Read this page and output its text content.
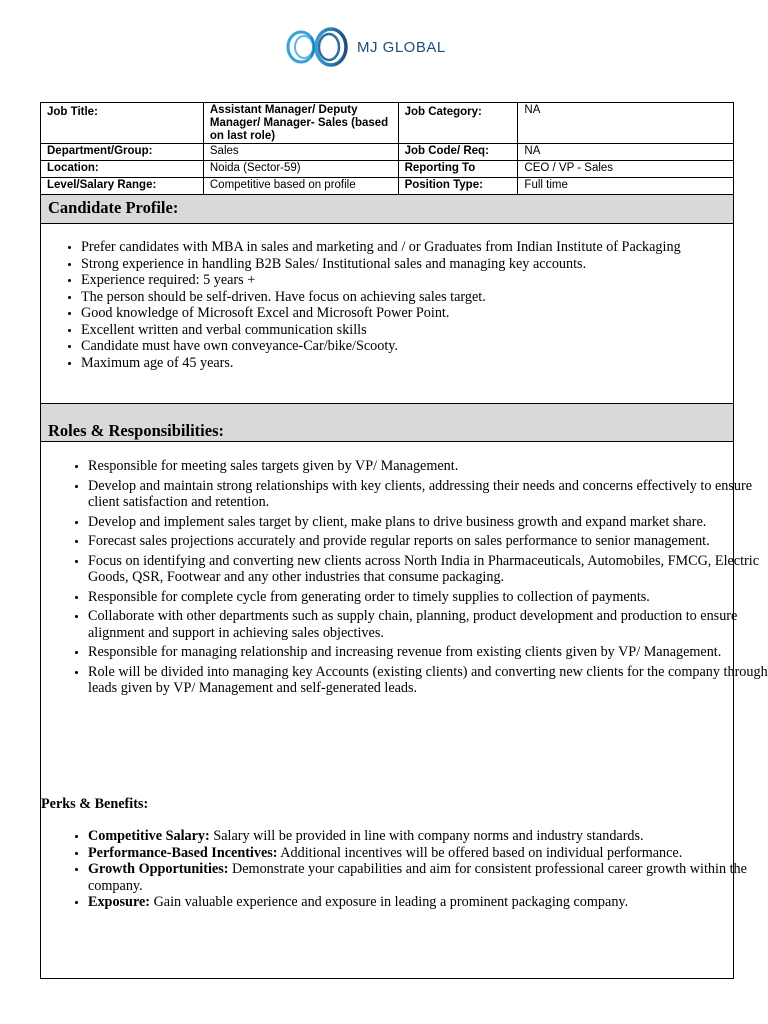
MJ GLOBAL
Job Title:	Assistant Manager/ Deputy Manager/ Manager- Sales (based on last role)	Job Category:	NA
Department/Group:	Sales	Job Code/ Req:	NA
Location:	Noida (Sector-59)	Reporting To	CEO / VP - Sales
Level/Salary Range:	Competitive based on profile	Position Type:	Full time
Candidate Profile:
• Prefer candidates with MBA in sales and marketing and / or Graduates from Indian Institute of Packaging
• Strong experience in handling B2B Sales/ Institutional sales and managing key accounts.
• Experience required: 5 years +
• The person should be self-driven. Have focus on achieving sales target.
• Good knowledge of Microsoft Excel and Microsoft Power Point.
• Excellent written and verbal communication skills
• Candidate must have own conveyance-Car/bike/Scooty.
• Maximum age of 45 years.
Roles & Responsibilities:
• Responsible for meeting sales targets given by VP/ Management.
• Develop and maintain strong relationships with key clients, addressing their needs and concerns effectively to ensure client satisfaction and retention.
• Develop and implement sales target by client, make plans to drive business growth and expand market share.
• Forecast sales projections accurately and provide regular reports on sales performance to senior management.
• Focus on identifying and converting new clients across North India in Pharmaceuticals, Automobiles, FMCG, Electric Goods, QSR, Footwear and any other industries that consume packaging.
• Responsible for complete cycle from generating order to timely supplies to collection of payments.
• Collaborate with other departments such as supply chain, planning, product development and production to ensure alignment and support in achieving sales objectives.
• Responsible for managing relationship and increasing revenue from existing clients given by VP/ Management.
• Role will be divided into managing key Accounts (existing clients) and converting new clients for the company through leads given by VP/ Management and self-generated leads.
Perks & Benefits:
• Competitive Salary: Salary will be provided in line with company norms and industry standards.
• Performance-Based Incentives: Additional incentives will be offered based on individual performance.
• Growth Opportunities: Demonstrate your capabilities and aim for consistent professional career growth within the company.
• Exposure: Gain valuable experience and exposure in leading a prominent packaging company.
